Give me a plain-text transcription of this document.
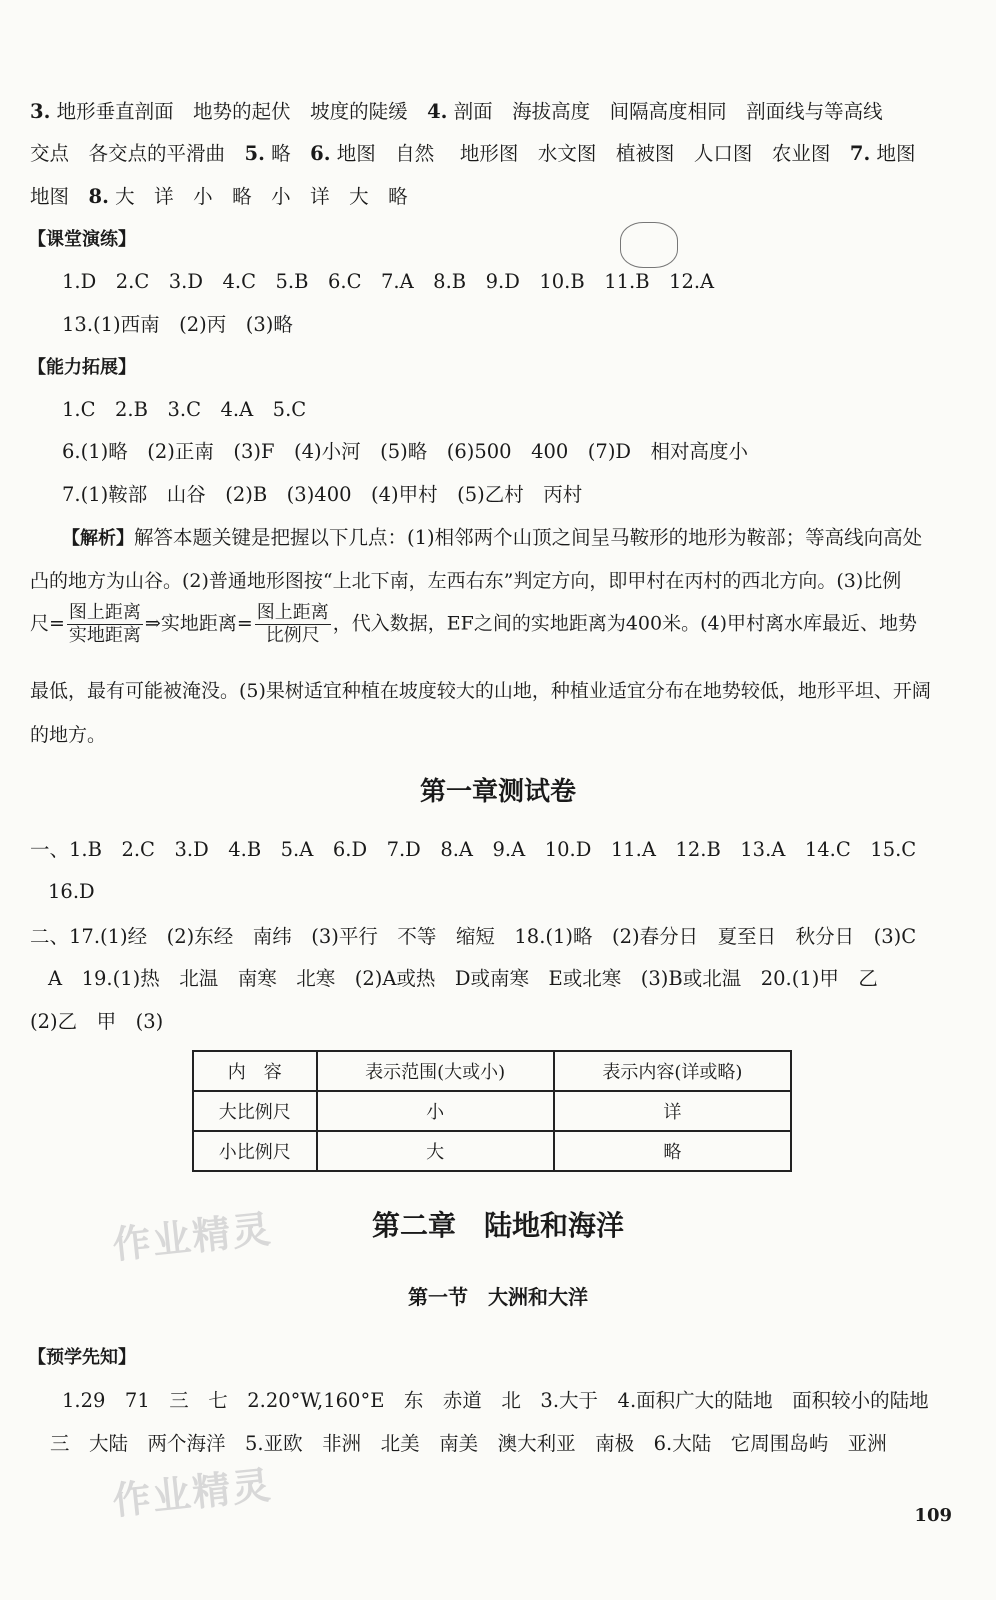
3. 地形垂直剖面　地势的起伏　坡度的陡缓　 4. 剖面　海拔高度　间隔高度相同　剖面线与等高线
交点　各交点的平滑曲　 5. 略　 6. 地图　自然　 地形图　水文图　植被图　人口图　农业图　 7. 地图
地图　 8. 大　详　小　略　小　详　大　略
【课堂演练】
1.D　2.C　3.D　4.C　5.B　6.C　7.A　8.B　9.D　10.B　11.B　12.A
13.(1)西南　(2)丙　(3)略
【能力拓展】
1.C　2.B　3.C　4.A　5.C
6.(1)略　(2)正南　(3)F　(4)小河　(5)略　(6)500　400　(7)D　相对高度小
7.(1)鞍部　山谷　(2)B　(3)400　(4)甲村　(5)乙村　丙村
【解析】解答本题关键是把握以下几点：(1)相邻两个山顶之间呈马鞍形的地形为鞍部；等高线向高处
凸的地方为山谷。(2)普通地形图按“上北下南，左西右东”判定方向，即甲村在丙村的西北方向。(3)比例
尺= $\frac{\text{图上距离}}{\text{实地距离}}$ ⇒实地距离= $\frac{\text{图上距离}}{\text{比例尺}}$ ，代入数据，EF之间的实地距离为400米。(4)甲村离水库最近、地势
最低，最有可能被淹没。(5)果树适宜种植在坡度较大的山地，种植业适宜分布在地势较低，地形平坦、开阔
的地方。
第一章测试卷
一、1.B　2.C　3.D　4.B　5.A　6.D　7.D　8.A　9.A　10.D　11.A　12.B　13.A　14.C　15.C
16.D
二、17.(1)经　(2)东经　南纬　(3)平行　不等　缩短　18.(1)略　(2)春分日　夏至日　秋分日　(3)C
A　19.(1)热　北温　南寒　北寒　(2)A或热　D或南寒　E或北寒　(3)B或北温　20.(1)甲　乙
(2)乙　甲　(3)
内　容	表示范围(大或小)	表示内容(详或略)
大比例尺	小	详
小比例尺	大	略
作业精灵	第二章　陆地和海洋
第一节　大洲和大洋
【预学先知】
1.29　71　三　七　2.20°W,160°E　东　赤道　北　3.大于　4.面积广大的陆地　面积较小的陆地
三　大陆　两个海洋　5.亚欧　非洲　北美　南美　澳大利亚　南极　6.大陆　它周围岛屿　亚洲
作业精灵	109
